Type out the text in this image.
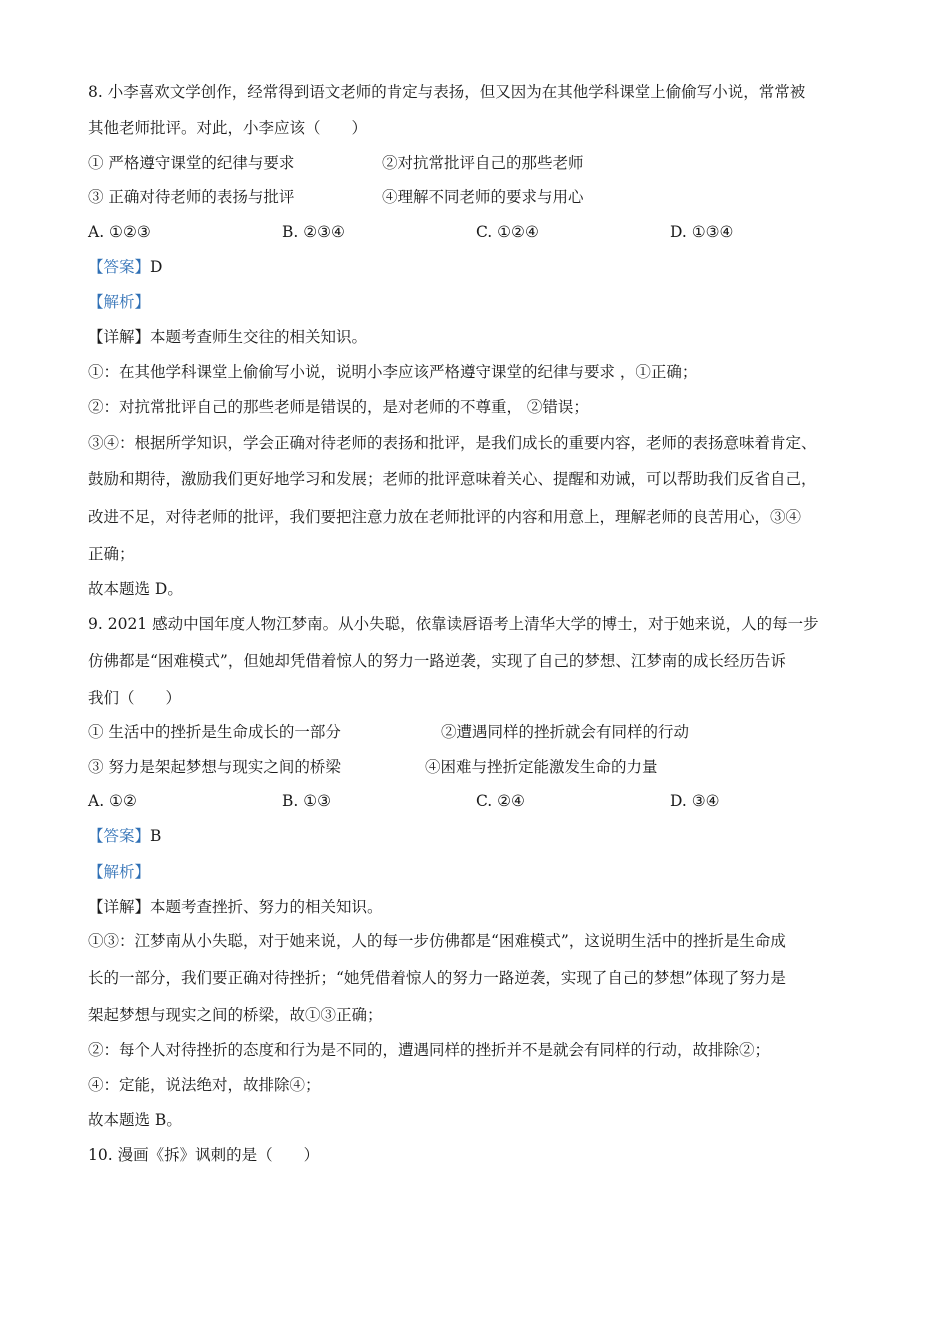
8. 小李喜欢文学创作，经常得到语文老师的肯定与表扬，但又因为在其他学科课堂上偷偷写小说，常常被
其他老师批评。对此，小李应该（　　）
① 严格遵守课堂的纪律与要求	②对抗常批评自己的那些老师
③ 正确对待老师的表扬与批评	④理解不同老师的要求与用心
A. ①②③	B. ②③④	C. ①②④	D. ①③④
【答案】D
【解析】
【详解】本题考查师生交往的相关知识。
①：在其他学科课堂上偷偷写小说，说明小李应该严格遵守课堂的纪律与要求 ，①正确；
②：对抗常批评自己的那些老师是错误的，是对老师的不尊重， ②错误；
③④：根据所学知识，学会正确对待老师的表扬和批评，是我们成长的重要内容，老师的表扬意味着肯定、
鼓励和期待，激励我们更好地学习和发展；老师的批评意味着关心、提醒和劝诫，可以帮助我们反省自己，
改进不足，对待老师的批评，我们要把注意力放在老师批评的内容和用意上，理解老师的良苦用心，③④
正确；
故本题选 D。
9. 2021 感动中国年度人物江梦南。从小失聪，依靠读唇语考上清华大学的博士，对于她来说，人的每一步
仿佛都是“困难模式”，但她却凭借着惊人的努力一路逆袭，实现了自己的梦想、江梦南的成长经历告诉
我们（　　）
① 生活中的挫折是生命成长的一部分	②遭遇同样的挫折就会有同样的行动
③ 努力是架起梦想与现实之间的桥梁	④困难与挫折定能激发生命的力量
A. ①②	B. ①③	C. ②④	D. ③④
【答案】B
【解析】
【详解】本题考查挫折、努力的相关知识。
①③：江梦南从小失聪，对于她来说，人的每一步仿佛都是“困难模式”，这说明生活中的挫折是生命成
长的一部分，我们要正确对待挫折；“她凭借着惊人的努力一路逆袭，实现了自己的梦想”体现了努力是
架起梦想与现实之间的桥梁，故①③正确；
②：每个人对待挫折的态度和行为是不同的，遭遇同样的挫折并不是就会有同样的行动，故排除②；
④：定能，说法绝对，故排除④；
故本题选 B。
10. 漫画《拆》讽刺的是（　　）
